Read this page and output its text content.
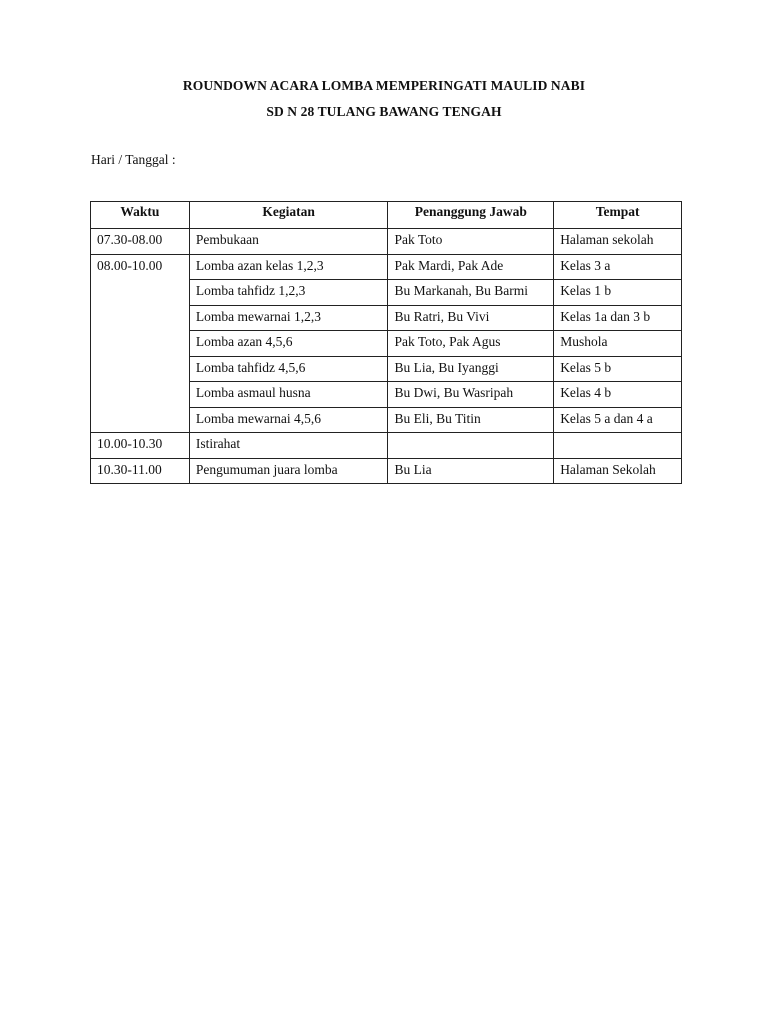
ROUNDOWN ACARA LOMBA MEMPERINGATI MAULID NABI
SD N 28 TULANG BAWANG TENGAH
Hari / Tanggal :
Waktu	Kegiatan	Penanggung Jawab	Tempat
07.30-08.00	Pembukaan	Pak Toto	Halaman sekolah
08.00-10.00	Lomba azan kelas 1,2,3	Pak Mardi, Pak Ade	Kelas 3 a
	Lomba tahfidz 1,2,3	Bu Markanah, Bu Barmi	Kelas 1 b
	Lomba mewarnai 1,2,3	Bu Ratri, Bu Vivi	Kelas 1a dan 3 b
	Lomba azan 4,5,6	Pak Toto, Pak Agus	Mushola
	Lomba tahfidz 4,5,6	Bu Lia, Bu Iyanggi	Kelas 5 b
	Lomba asmaul husna	Bu Dwi, Bu Wasripah	Kelas 4 b
	Lomba mewarnai 4,5,6	Bu Eli, Bu Titin	Kelas 5 a dan 4 a
10.00-10.30	Istirahat		
10.30-11.00	Pengumuman juara lomba	Bu Lia	Halaman Sekolah
